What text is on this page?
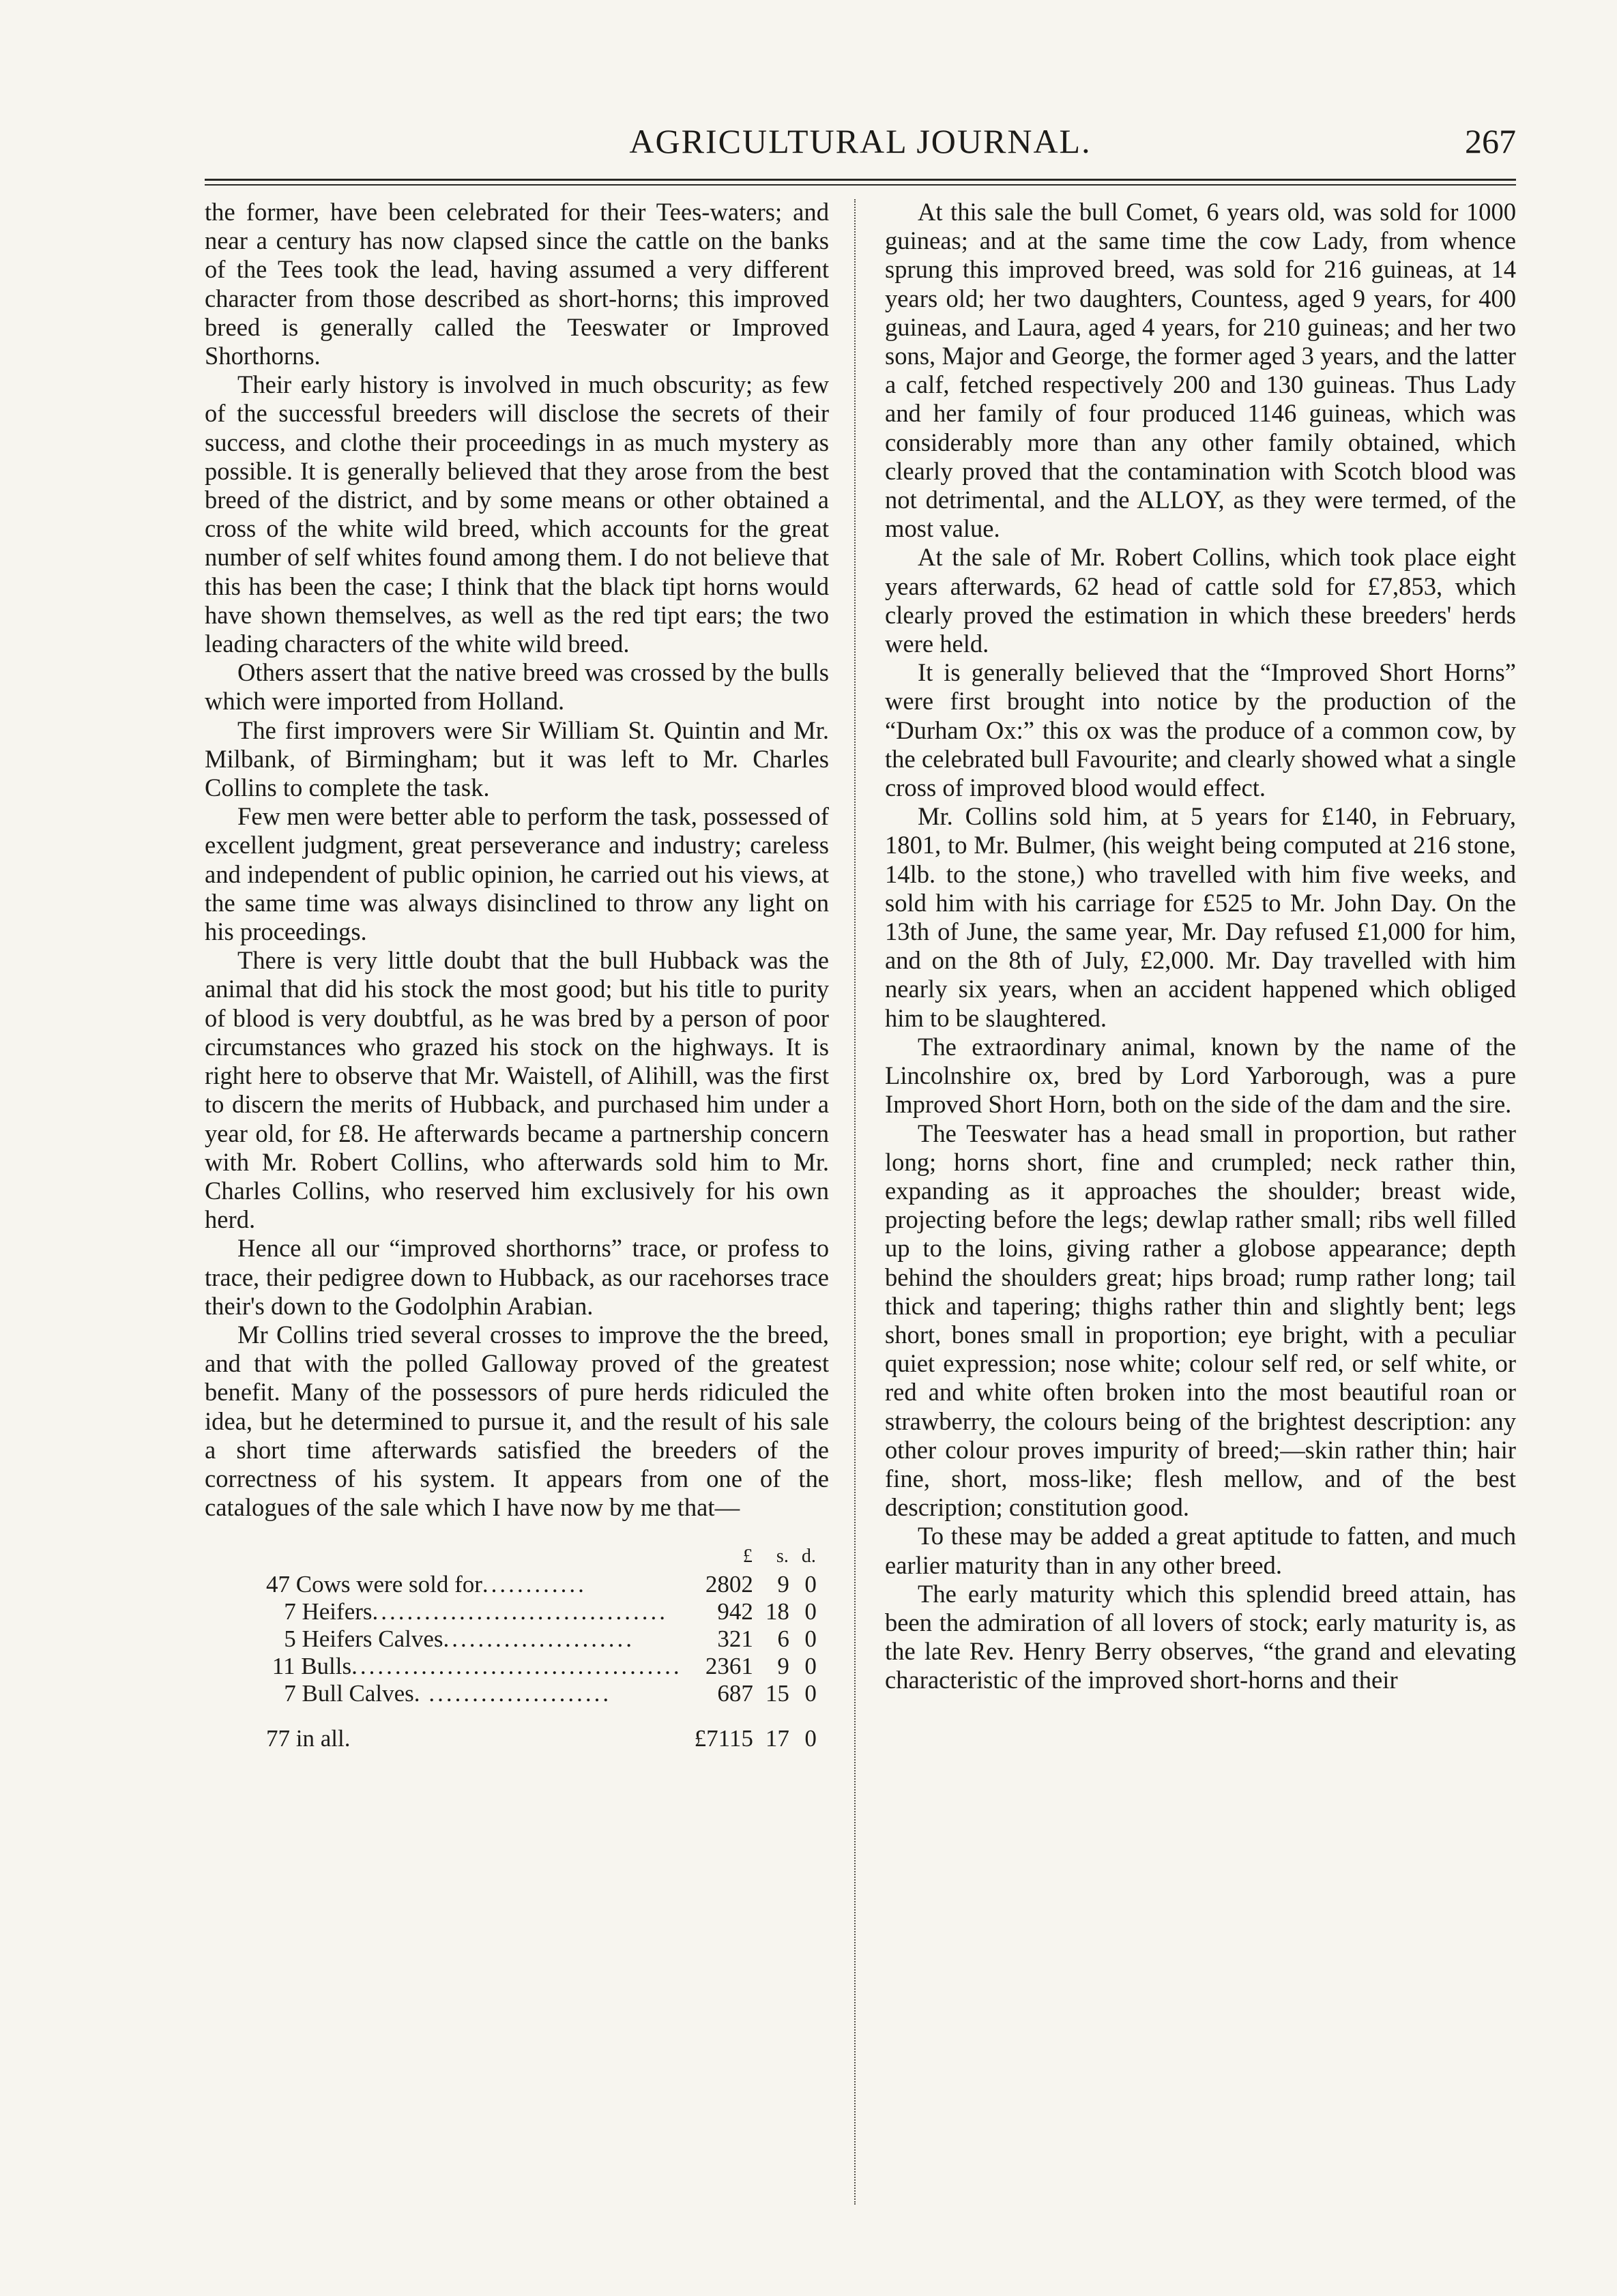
AGRICULTURAL JOURNAL.	267

the former, have been celebrated for their Tees-waters; and near a century has now clapsed since the cattle on the banks of the Tees took the lead, having assumed a very different character from those described as short-horns; this improved breed is generally called the Teeswater or Improved Shorthorns.

Their early history is involved in much obscurity; as few of the successful breeders will disclose the secrets of their success, and clothe their proceedings in as much mystery as possible. It is generally believed that they arose from the best breed of the district, and by some means or other obtained a cross of the white wild breed, which accounts for the great number of self whites found among them. I do not believe that this has been the case; I think that the black tipt horns would have shown themselves, as well as the red tipt ears; the two leading characters of the white wild breed.

Others assert that the native breed was crossed by the bulls which were imported from Holland.

The first improvers were Sir William St. Quintin and Mr. Milbank, of Birmingham; but it was left to Mr. Charles Collins to complete the task.

Few men were better able to perform the task, possessed of excellent judgment, great perseverance and industry; careless and independent of public opinion, he carried out his views, at the same time was always disinclined to throw any light on his proceedings.

There is very little doubt that the bull Hubback was the animal that did his stock the most good; but his title to purity of blood is very doubtful, as he was bred by a person of poor circumstances who grazed his stock on the highways. It is right here to observe that Mr. Waistell, of Alihill, was the first to discern the merits of Hubback, and purchased him under a year old, for £8. He afterwards became a partnership concern with Mr. Robert Collins, who afterwards sold him to Mr. Charles Collins, who reserved him exclusively for his own herd.

Hence all our “improved shorthorns” trace, or profess to trace, their pedigree down to Hubback, as our racehorses trace their's down to the Godolphin Arabian.

Mr Collins tried several crosses to improve the the breed, and that with the polled Galloway proved of the greatest benefit. Many of the possessors of pure herds ridiculed the idea, but he determined to pursue it, and the result of his sale a short time afterwards satisfied the breeders of the correctness of his system. It appears from one of the catalogues of the sale which I have now by me that—

	£	s.	d.
47 Cows were sold for............	2802	9	0
7 Heifers..................................	942	18	0
5 Heifers Calves......................	321	6	0
11 Bulls......................................	2361	9	0
7 Bull Calves. .....................	687	15	0

77 in all.	£7115	17	0

At this sale the bull Comet, 6 years old, was sold for 1000 guineas; and at the same time the cow Lady, from whence sprung this improved breed, was sold for 216 guineas, at 14 years old; her two daughters, Countess, aged 9 years, for 400 guineas, and Laura, aged 4 years, for 210 guineas; and her two sons, Major and George, the former aged 3 years, and the latter a calf, fetched respectively 200 and 130 guineas. Thus Lady and her family of four produced 1146 guineas, which was considerably more than any other family obtained, which clearly proved that the contamination with Scotch blood was not detrimental, and the ALLOY, as they were termed, of the most value.

At the sale of Mr. Robert Collins, which took place eight years afterwards, 62 head of cattle sold for £7,853, which clearly proved the estimation in which these breeders' herds were held.

It is generally believed that the “Improved Short Horns” were first brought into notice by the production of the “Durham Ox:” this ox was the produce of a common cow, by the celebrated bull Favourite; and clearly showed what a single cross of improved blood would effect.

Mr. Collins sold him, at 5 years for £140, in February, 1801, to Mr. Bulmer, (his weight being computed at 216 stone, 14lb. to the stone,) who travelled with him five weeks, and sold him with his carriage for £525 to Mr. John Day. On the 13th of June, the same year, Mr. Day refused £1,000 for him, and on the 8th of July, £2,000. Mr. Day travelled with him nearly six years, when an accident happened which obliged him to be slaughtered.

The extraordinary animal, known by the name of the Lincolnshire ox, bred by Lord Yarborough, was a pure Improved Short Horn, both on the side of the dam and the sire.

The Teeswater has a head small in proportion, but rather long; horns short, fine and crumpled; neck rather thin, expanding as it approaches the shoulder; breast wide, projecting before the legs; dewlap rather small; ribs well filled up to the loins, giving rather a globose appearance; depth behind the shoulders great; hips broad; rump rather long; tail thick and tapering; thighs rather thin and slightly bent; legs short, bones small in proportion; eye bright, with a peculiar quiet expression; nose white; colour self red, or self white, or red and white often broken into the most beautiful roan or strawberry, the colours being of the brightest description: any other colour proves impurity of breed;—skin rather thin; hair fine, short, moss-like; flesh mellow, and of the best description; constitution good.

To these may be added a great aptitude to fatten, and much earlier maturity than in any other breed.

The early maturity which this splendid breed attain, has been the admiration of all lovers of stock; early maturity is, as the late Rev. Henry Berry observes, “the grand and elevating characteristic of the improved short-horns and their
